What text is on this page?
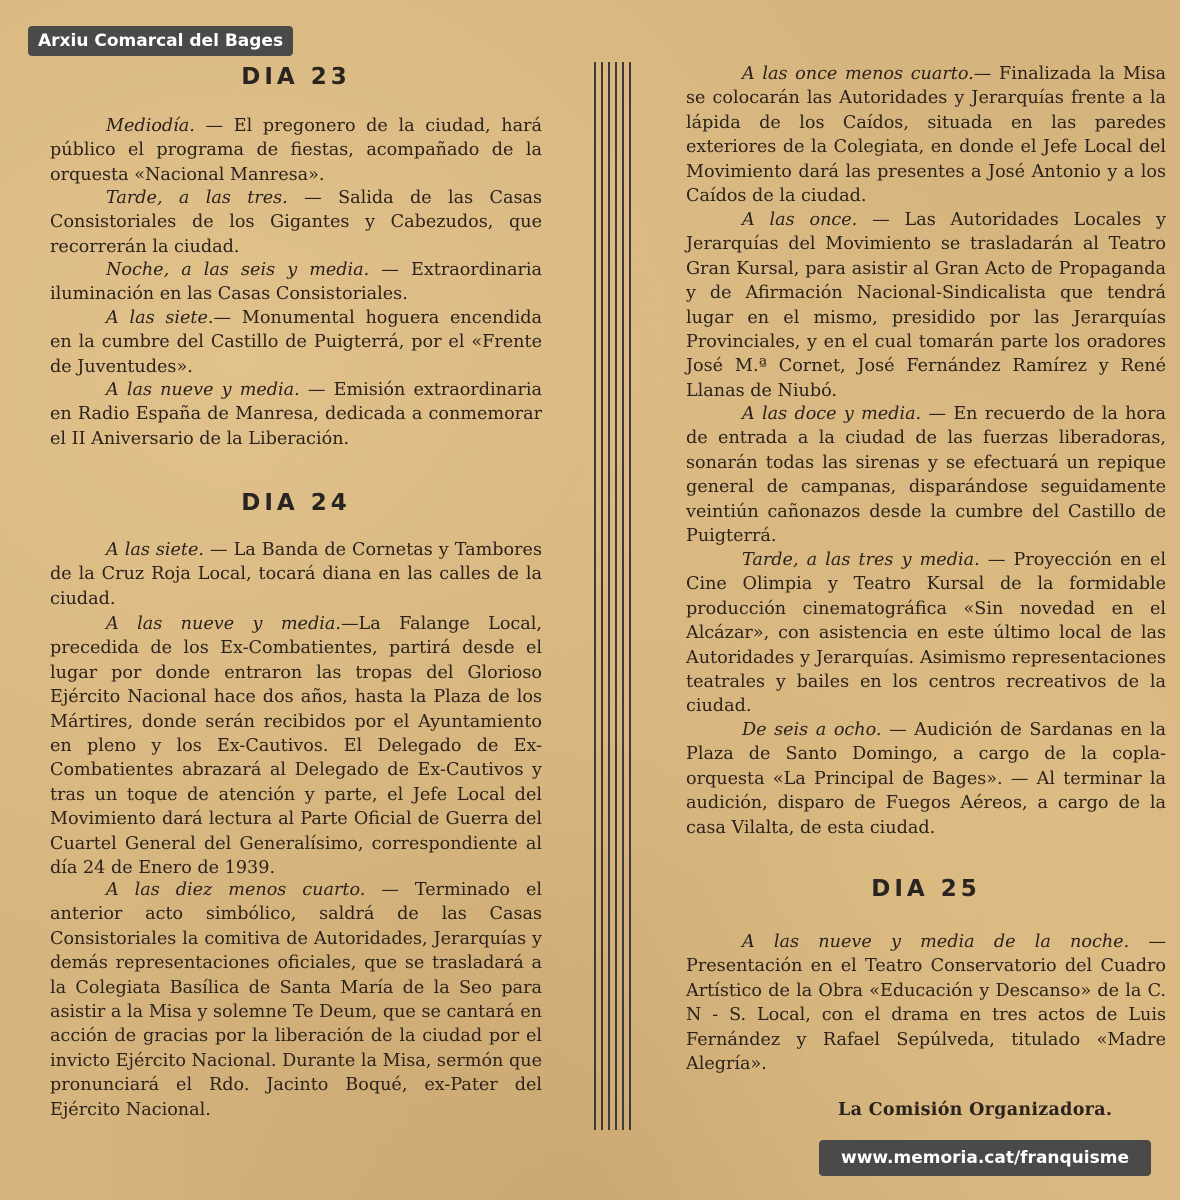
Arxiu Comarcal del Bages
DIA 23
Mediodía. — El pregonero de la ciudad, hará público el programa de fiestas, acompañado de la orquesta «Nacional Manresa».
Tarde, a las tres. — Salida de las Casas Consistoriales de los Gigantes y Cabezudos, que recorrerán la ciudad.
Noche, a las seis y media. — Extraordinaria iluminación en las Casas Consistoriales.
A las siete.— Monumental hoguera encendida en la cumbre del Castillo de Puigterrá, por el «Frente de Juventudes».
A las nueve y media. — Emisión extraordinaria en Radio España de Manresa, dedicada a conmemorar el II Aniversario de la Liberación.
DIA 24
A las siete. — La Banda de Cornetas y Tambores de la Cruz Roja Local, tocará diana en las calles de la ciudad.
A las nueve y media.—La Falange Local, precedida de los Ex-Combatientes, partirá desde el lugar por donde entraron las tropas del Glorioso Ejército Nacional hace dos años, hasta la Plaza de los Mártires, donde serán recibidos por el Ayuntamiento en pleno y los Ex-Cautivos. El Delegado de Ex-Combatientes abrazará al Delegado de Ex-Cautivos y tras un toque de atención y parte, el Jefe Local del Movimiento dará lectura al Parte Oficial de Guerra del Cuartel General del Generalísimo, correspondiente al día 24 de Enero de 1939.
A las diez menos cuarto. — Terminado el anterior acto simbólico, saldrá de las Casas Consistoriales la comitiva de Autoridades, Jerarquías y demás representaciones oficiales, que se trasladará a la Colegiata Basílica de Santa María de la Seo para asistir a la Misa y solemne Te Deum, que se cantará en acción de gracias por la liberación de la ciudad por el invicto Ejército Nacional. Durante la Misa, sermón que pronunciará el Rdo. Jacinto Boqué, ex-Pater del Ejército Nacional.
A las once menos cuarto.— Finalizada la Misa se colocarán las Autoridades y Jerarquías frente a la lápida de los Caídos, situada en las paredes exteriores de la Colegiata, en donde el Jefe Local del Movimiento dará las presentes a José Antonio y a los Caídos de la ciudad.
A las once. — Las Autoridades Locales y Jerarquías del Movimiento se trasladarán al Teatro Gran Kursal, para asistir al Gran Acto de Propaganda y de Afirmación Nacional-Sindicalista que tendrá lugar en el mismo, presidido por las Jerarquías Provinciales, y en el cual tomarán parte los oradores José M.ª Cornet, José Fernández Ramírez y René Llanas de Niubó.
A las doce y media. — En recuerdo de la hora de entrada a la ciudad de las fuerzas liberadoras, sonarán todas las sirenas y se efectuará un repique general de campanas, disparándose seguidamente veintiún cañonazos desde la cumbre del Castillo de Puigterrá.
Tarde, a las tres y media. — Proyección en el Cine Olimpia y Teatro Kursal de la formidable producción cinematográfica «Sin novedad en el Alcázar», con asistencia en este último local de las Autoridades y Jerarquías. Asimismo representaciones teatrales y bailes en los centros recreativos de la ciudad.
De seis a ocho. — Audición de Sardanas en la Plaza de Santo Domingo, a cargo de la copla-orquesta «La Principal de Bages». — Al terminar la audición, disparo de Fuegos Aéreos, a cargo de la casa Vilalta, de esta ciudad.
DIA 25
A las nueve y media de la noche. — Presentación en el Teatro Conservatorio del Cuadro Artístico de la Obra «Educación y Descanso» de la C. N - S. Local, con el drama en tres actos de Luis Fernández y Rafael Sepúlveda, titulado «Madre Alegría».
La Comisión Organizadora.
www.memoria.cat/franquisme
